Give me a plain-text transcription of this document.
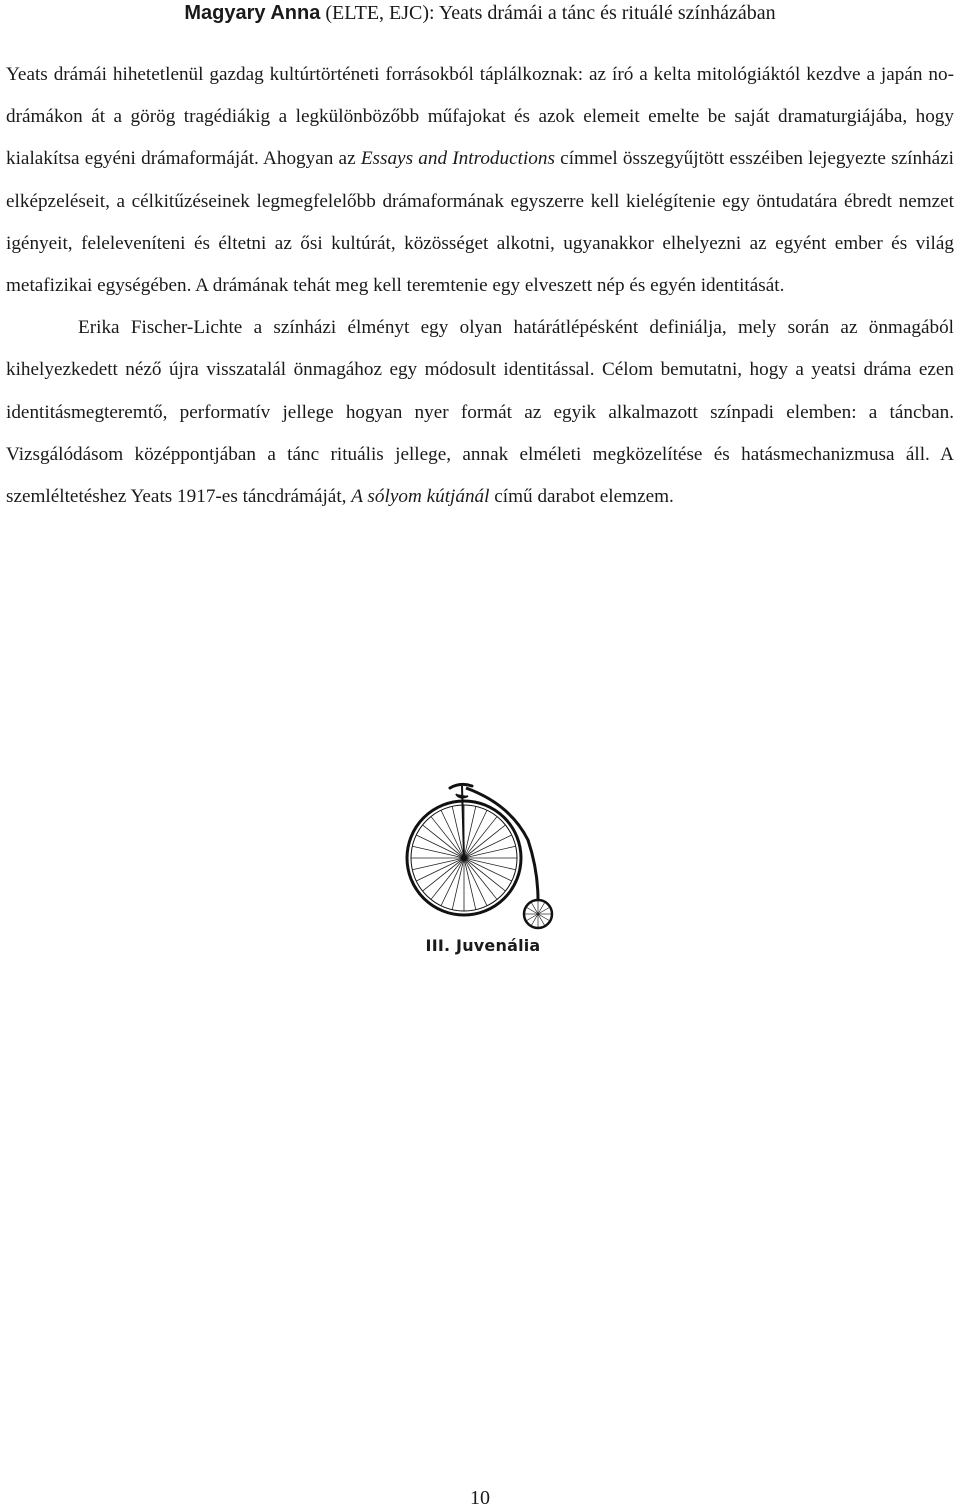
Magyary Anna (ELTE, EJC): Yeats drámái a tánc és rituálé színházában

Yeats drámái hihetetlenül gazdag kultúrtörténeti forrásokból táplálkoznak: az író a kelta mitológiáktól kezdve a japán no-drámákon át a görög tragédiákig a legkülönbözőbb műfajokat és azok elemeit emelte be saját dramaturgiájába, hogy kialakítsa egyéni drámaformáját. Ahogyan az Essays and Introductions címmel összegyűjtött esszéiben lejegyezte színházi elképzeléseit, a célkitűzéseinek legmegfelelőbb drámaformának egyszerre kell kielégítenie egy öntudatára ébredt nemzet igényeit, feleleveníteni és éltetni az ősi kultúrát, közösséget alkotni, ugyanakkor elhelyezni az egyént ember és világ metafizikai egységében. A drámának tehát meg kell teremtenie egy elveszett nép és egyén identitását.

Erika Fischer-Lichte a színházi élményt egy olyan határátlépésként definiálja, mely során az önmagából kihelyezkedett néző újra visszatalál önmagához egy módosult identitással. Célom bemutatni, hogy a yeatsi dráma ezen identitásmegteremtő, performatív jellege hogyan nyer formát az egyik alkalmazott színpadi elemben: a táncban. Vizsgálódásom középpontjában a tánc rituális jellege, annak elméleti megközelítése és hatásmechanizmusa áll. A szemléltetéshez Yeats 1917-es táncdrámáját, A sólyom kútjánál című darabot elemzem.

III. Juvenália
10
